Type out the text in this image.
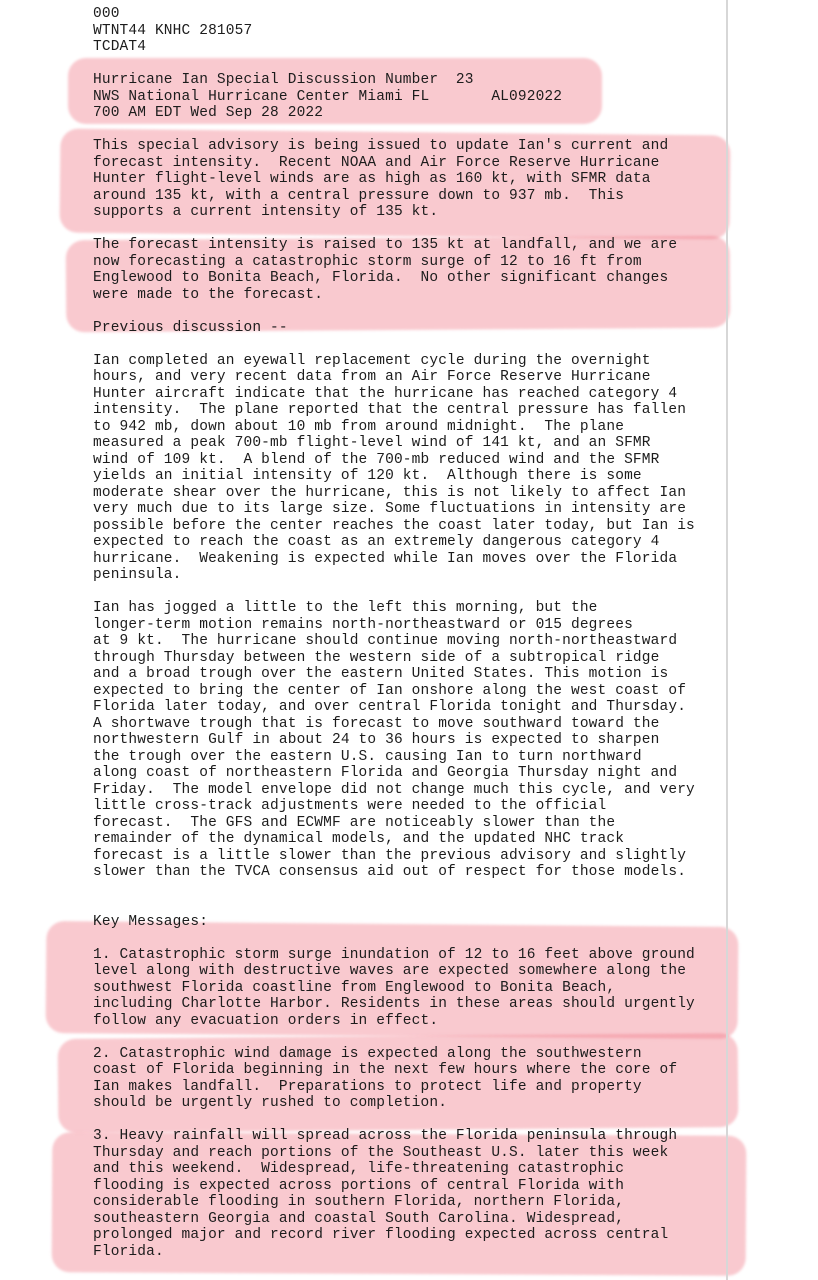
000
WTNT44 KNHC 281057
TCDAT4
Hurricane Ian Special Discussion Number  23
NWS National Hurricane Center Miami FL       AL092022
700 AM EDT Wed Sep 28 2022
This special advisory is being issued to update Ian's current and
forecast intensity.  Recent NOAA and Air Force Reserve Hurricane
Hunter flight-level winds are as high as 160 kt, with SFMR data
around 135 kt, with a central pressure down to 937 mb.  This
supports a current intensity of 135 kt.
The forecast intensity is raised to 135 kt at landfall, and we are
now forecasting a catastrophic storm surge of 12 to 16 ft from
Englewood to Bonita Beach, Florida.  No other significant changes
were made to the forecast.
Previous discussion --
Ian completed an eyewall replacement cycle during the overnight
hours, and very recent data from an Air Force Reserve Hurricane
Hunter aircraft indicate that the hurricane has reached category 4
intensity.  The plane reported that the central pressure has fallen
to 942 mb, down about 10 mb from around midnight.  The plane
measured a peak 700-mb flight-level wind of 141 kt, and an SFMR
wind of 109 kt.  A blend of the 700-mb reduced wind and the SFMR
yields an initial intensity of 120 kt.  Although there is some
moderate shear over the hurricane, this is not likely to affect Ian
very much due to its large size. Some fluctuations in intensity are
possible before the center reaches the coast later today, but Ian is
expected to reach the coast as an extremely dangerous category 4
hurricane.  Weakening is expected while Ian moves over the Florida
peninsula.
Ian has jogged a little to the left this morning, but the
longer-term motion remains north-northeastward or 015 degrees
at 9 kt.  The hurricane should continue moving north-northeastward
through Thursday between the western side of a subtropical ridge
and a broad trough over the eastern United States. This motion is
expected to bring the center of Ian onshore along the west coast of
Florida later today, and over central Florida tonight and Thursday.
A shortwave trough that is forecast to move southward toward the
northwestern Gulf in about 24 to 36 hours is expected to sharpen
the trough over the eastern U.S. causing Ian to turn northward
along coast of northeastern Florida and Georgia Thursday night and
Friday.  The model envelope did not change much this cycle, and very
little cross-track adjustments were needed to the official
forecast.  The GFS and ECWMF are noticeably slower than the
remainder of the dynamical models, and the updated NHC track
forecast is a little slower than the previous advisory and slightly
slower than the TVCA consensus aid out of respect for those models.
Key Messages:
1. Catastrophic storm surge inundation of 12 to 16 feet above ground
level along with destructive waves are expected somewhere along the
southwest Florida coastline from Englewood to Bonita Beach,
including Charlotte Harbor. Residents in these areas should urgently
follow any evacuation orders in effect.
2. Catastrophic wind damage is expected along the southwestern
coast of Florida beginning in the next few hours where the core of
Ian makes landfall.  Preparations to protect life and property
should be urgently rushed to completion.
3. Heavy rainfall will spread across the Florida peninsula through
Thursday and reach portions of the Southeast U.S. later this week
and this weekend.  Widespread, life-threatening catastrophic
flooding is expected across portions of central Florida with
considerable flooding in southern Florida, northern Florida,
southeastern Georgia and coastal South Carolina. Widespread,
prolonged major and record river flooding expected across central
Florida.
